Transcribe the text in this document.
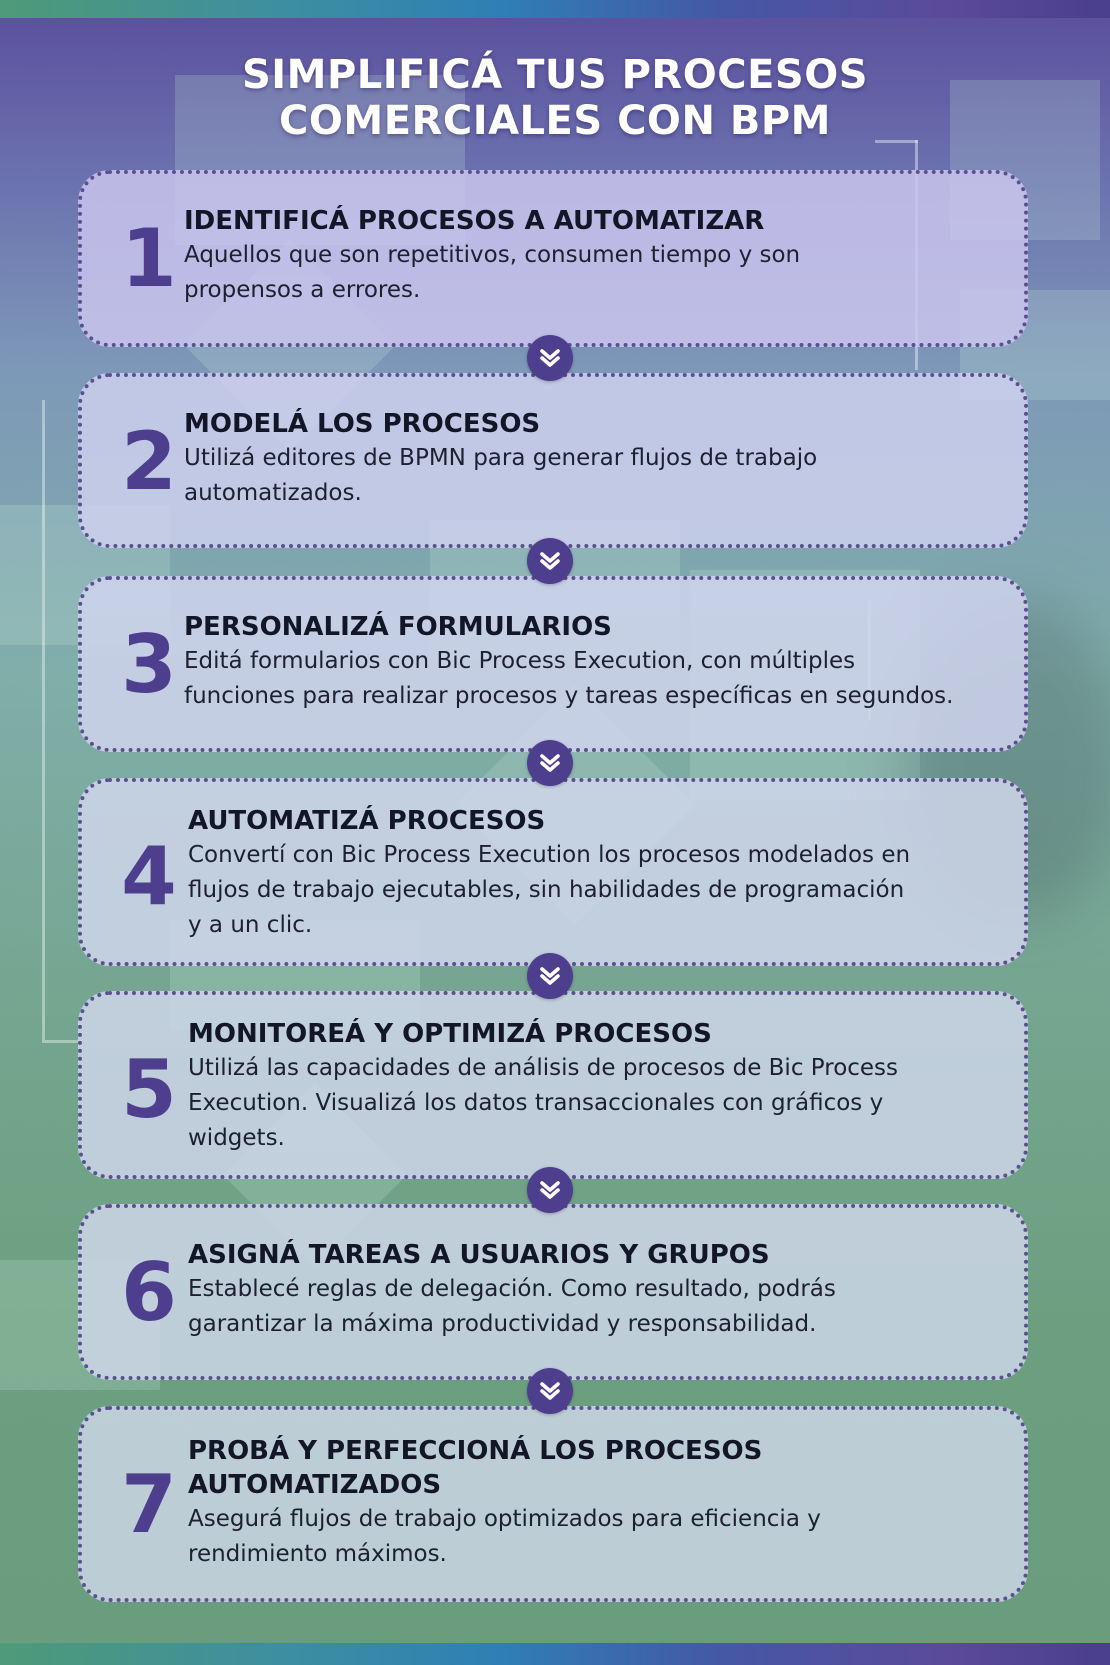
SIMPLIFICÁ TUS PROCESOS
COMERCIALES CON BPM
1 IDENTIFICÁ PROCESOS A AUTOMATIZAR
Aquellos que son repetitivos, consumen tiempo y son
propensos a errores.
2 MODELÁ LOS PROCESOS
Utilizá editores de BPMN para generar flujos de trabajo
automatizados.
3 PERSONALIZÁ FORMULARIOS
Editá formularios con Bic Process Execution, con múltiples
funciones para realizar procesos y tareas específicas en segundos.
4
AUTOMATIZÁ PROCESOS
Convertí con Bic Process Execution los procesos modelados en
flujos de trabajo ejecutables, sin habilidades de programación
y a un clic.
5
MONITOREÁ Y OPTIMIZÁ PROCESOS
Utilizá las capacidades de análisis de procesos de Bic Process
Execution. Visualizá los datos transaccionales con gráficos y
widgets.
6 ASIGNÁ TAREAS A USUARIOS Y GRUPOS
Establecé reglas de delegación. Como resultado, podrás
garantizar la máxima productividad y responsabilidad.
7
PROBÁ Y PERFECCIONÁ LOS PROCESOS
AUTOMATIZADOS
Asegurá flujos de trabajo optimizados para eficiencia y
rendimiento máximos.
